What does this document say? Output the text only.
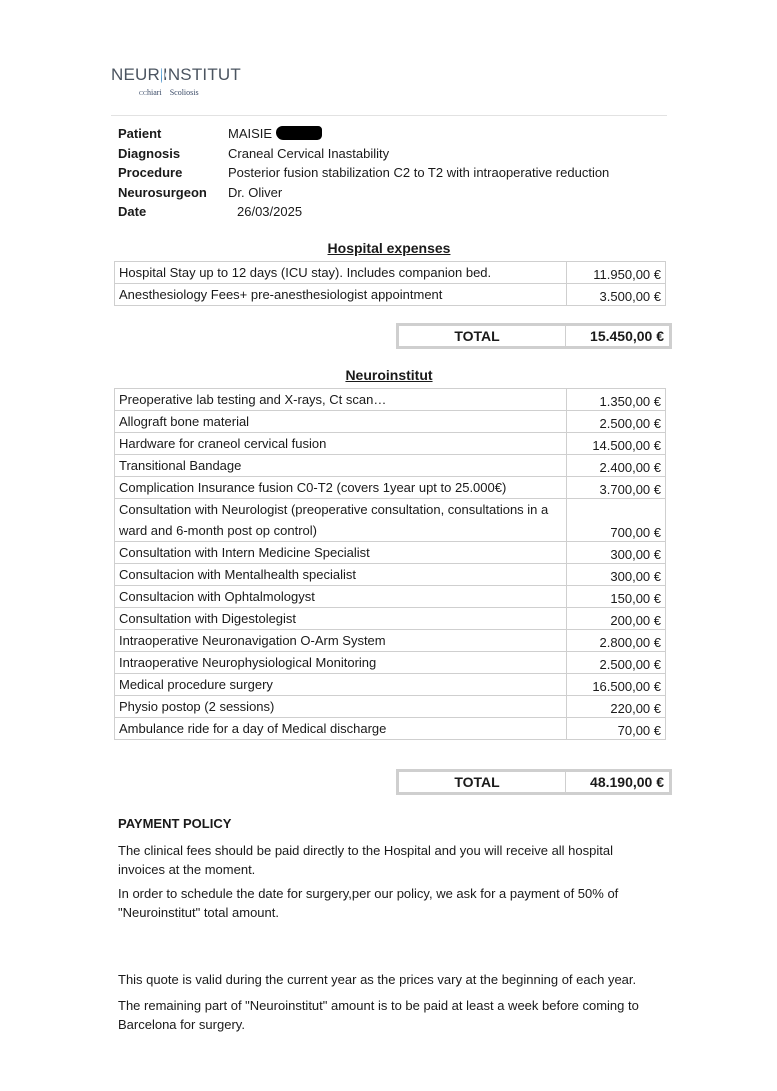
NEUR INSTITUT
CChiari Scoliosis
Patient	MAISIE
Diagnosis	Craneal Cervical Inastability
Procedure	Posterior fusion stabilization C2 to T2 with intraoperative reduction
Neurosurgeon	Dr. Oliver
Date	26/03/2025
Hospital expenses
Hospital Stay up to 12 days (ICU stay). Includes companion bed.	11.950,00 €
Anesthesiology Fees+ pre-anesthesiologist appointment	3.500,00 €
TOTAL	15.450,00 €
Neuroinstitut
Preoperative lab testing and X-rays, Ct scan…	1.350,00 €
Allograft bone material	2.500,00 €
Hardware for craneol cervical fusion	14.500,00 €
Transitional Bandage	2.400,00 €
Complication Insurance fusion C0-T2 (covers 1year upt to 25.000€)	3.700,00 €
Consultation with Neurologist (preoperative consultation, consultations in a ward and 6-month post op control)	700,00 €
Consultation with Intern Medicine Specialist	300,00 €
Consultacion with Mentalhealth specialist	300,00 €
Consultacion with Ophtalmologyst	150,00 €
Consultation with Digestolegist	200,00 €
Intraoperative Neuronavigation O-Arm System	2.800,00 €
Intraoperative Neurophysiological Monitoring	2.500,00 €
Medical procedure surgery	16.500,00 €
Physio postop (2 sessions)	220,00 €
Ambulance ride for a day of Medical discharge	70,00 €
TOTAL	48.190,00 €

PAYMENT POLICY

The clinical fees should be paid directly to the Hospital and you will receive all hospital invoices at the moment.

In order to schedule the date for surgery,per our policy, we ask for a payment of 50% of "Neuroinstitut" total amount.

This quote is valid during the current year as the prices vary at the beginning of each year.

The remaining part of "Neuroinstitut" amount is to be paid at least a week before coming to Barcelona for surgery.
